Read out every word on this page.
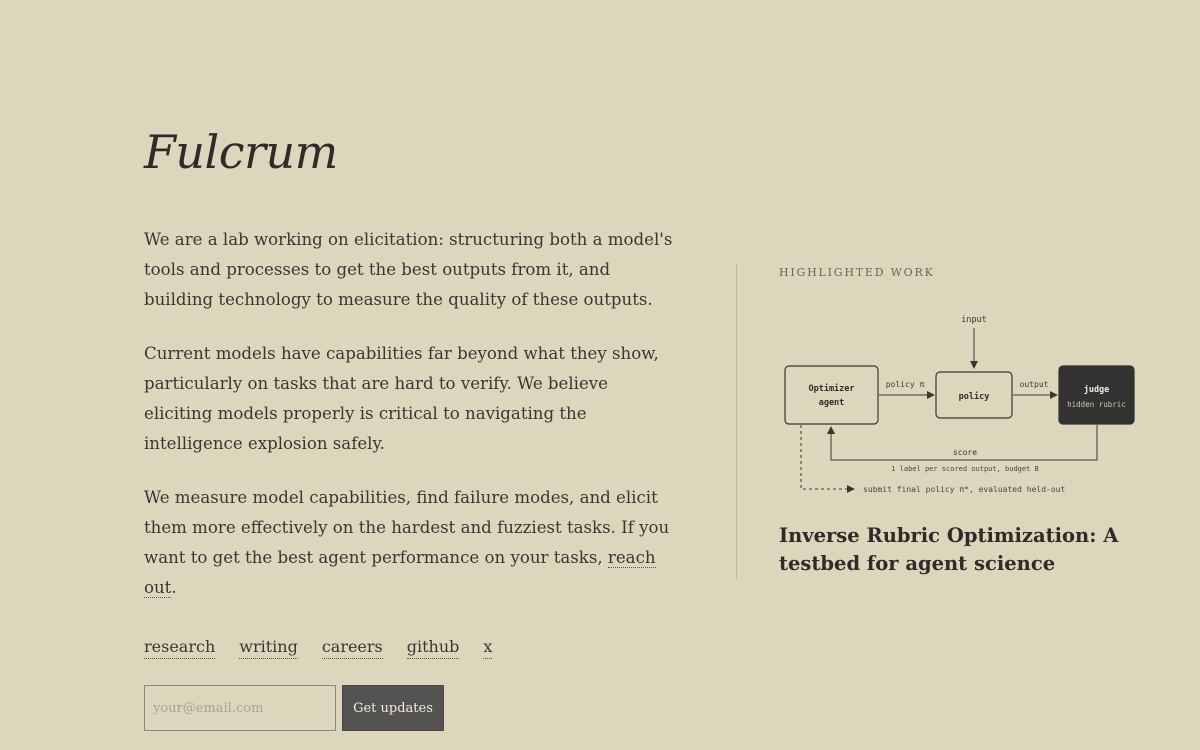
Fulcrum

We are a lab working on elicitation: structuring both a model's tools and processes to get the best outputs from it, and building technology to measure the quality of these outputs.

Current models have capabilities far beyond what they show, particularly on tasks that are hard to verify. We believe eliciting models properly is critical to navigating the intelligence explosion safely.

We measure model capabilities, find failure modes, and elicit them more effectively on the hardest and fuzziest tasks. If you want to get the best agent performance on your tasks, reach out.

research writing careers github x
your@email.com
Get updates
HIGHLIGHTED WORK
input
Optimizer
agent
policy π
policy
output
judge
hidden rubric
score
1 label per scored output, budget B
submit final policy π*, evaluated held-out
Inverse Rubric Optimization: A testbed for agent science
